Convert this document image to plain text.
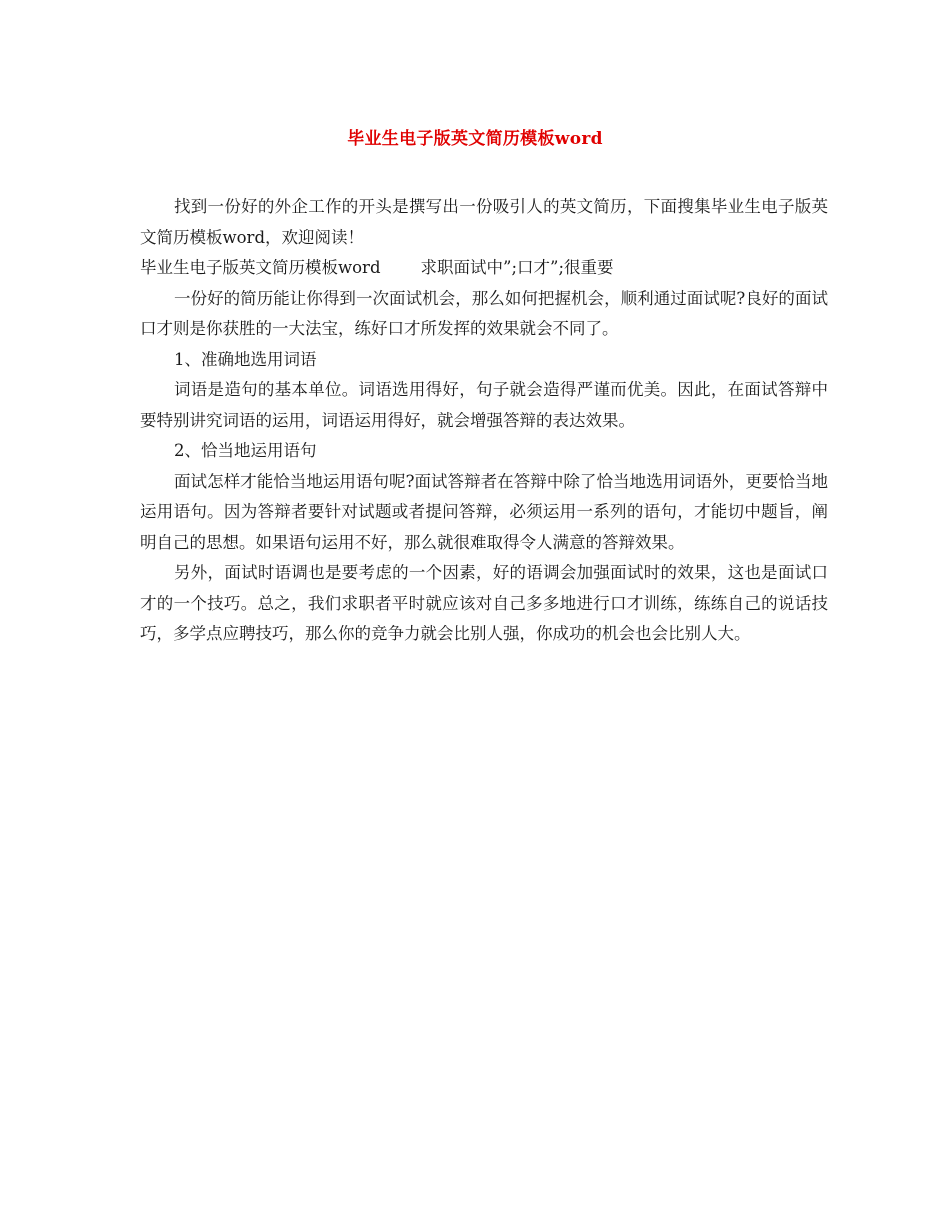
毕业生电子版英文简历模板word

找到一份好的外企工作的开头是撰写出一份吸引人的英文简历，下面搜集毕业生电子版英文简历模板word，欢迎阅读！

毕业生电子版英文简历模板word 求职面试中”;口才”;很重要

一份好的简历能让你得到一次面试机会，那么如何把握机会，顺利通过面试呢?良好的面试口才则是你获胜的一大法宝，练好口才所发挥的效果就会不同了。

1、准确地选用词语

词语是造句的基本单位。词语选用得好，句子就会造得严谨而优美。因此，在面试答辩中要特别讲究词语的运用，词语运用得好，就会增强答辩的表达效果。

2、恰当地运用语句

面试怎样才能恰当地运用语句呢?面试答辩者在答辩中除了恰当地选用词语外，更要恰当地运用语句。因为答辩者要针对试题或者提问答辩，必须运用一系列的语句，才能切中题旨，阐明自己的思想。如果语句运用不好，那么就很难取得令人满意的答辩效果。

另外，面试时语调也是要考虑的一个因素，好的语调会加强面试时的效果，这也是面试口才的一个技巧。总之，我们求职者平时就应该对自己多多地进行口才训练，练练自己的说话技巧，多学点应聘技巧，那么你的竞争力就会比别人强，你成功的机会也会比别人大。
